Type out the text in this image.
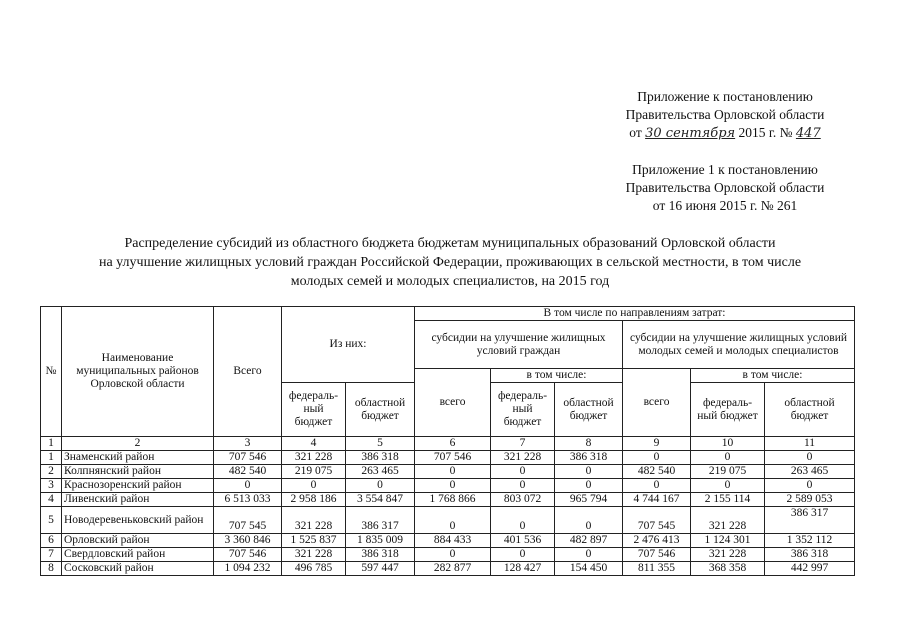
Приложение к постановлению
Правительства Орловской области
от 30 сентября 2015 г. № 447
Приложение 1 к постановлению
Правительства Орловской области
от 16 июня 2015 г. № 261
Распределение субсидий из областного бюджета бюджетам муниципальных образований Орловской области
на улучшение жилищных условий граждан Российской Федерации, проживающих в сельской местности, в том числе
молодых семей и молодых специалистов, на 2015 год
№	Наименование муниципальных районов Орловской области	Всего	Из них:		В том числе по направлениям затрат:					
					субсидии на улучшение жилищных условий граждан			субсидии на улучшение жилищных условий молодых семей и молодых специалистов		
					всего	в том числе:		всего	в том числе:	
			федераль-ный бюджет	областной бюджет		федераль-ный бюджет	областной бюджет		федераль-ный бюджет	областной бюджет
1	2	3	4	5	6	7	8	9	10	11
1	Знаменский район	707 546	321 228	386 318	707 546	321 228	386 318	0	0	0
2	Колпнянский район	482 540	219 075	263 465	0	0	0	482 540	219 075	263 465
3	Краснозоренский район	0	0	0	0	0	0	0	0	0
4	Ливенский район	6 513 033	2 958 186	3 554 847	1 768 866	803 072	965 794	4 744 167	2 155 114	2 589 053
5	Новодеревеньковский район	707 545	321 228	386 317	0	0	0	707 545	321 228	386 317
6	Орловский район	3 360 846	1 525 837	1 835 009	884 433	401 536	482 897	2 476 413	1 124 301	1 352 112
7	Свердловский район	707 546	321 228	386 318	0	0	0	707 546	321 228	386 318
8	Сосковский район	1 094 232	496 785	597 447	282 877	128 427	154 450	811 355	368 358	442 997
